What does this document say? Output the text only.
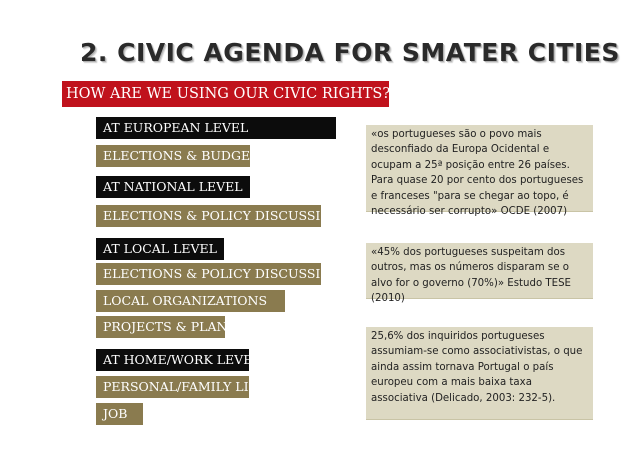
2. CIVIC AGENDA FOR SMATER CITIES
HOW ARE WE USING OUR CIVIC RIGHTS?
AT EUROPEAN LEVEL
ELECTIONS & BUDGET
AT NATIONAL LEVEL
ELECTIONS & POLICY DISCUSSIONS
AT LOCAL LEVEL
ELECTIONS & POLICY DISCUSSIONS
LOCAL ORGANIZATIONS
PROJECTS & PLANS
AT HOME/WORK LEVEL
PERSONAL/FAMILY LIFE
JOB
«os portugueses são o povo mais desconfiado da Europa Ocidental e ocupam a 25ª posição entre 26 países. Para quase 20 por cento dos portugueses e franceses "para se chegar ao topo, é necessário ser corrupto» OCDE (2007)
«45% dos portugueses suspeitam dos outros, mas os números disparam se o alvo for o governo (70%)» Estudo TESE (2010)
25,6% dos inquiridos portugueses assumiam-se como associativistas, o que ainda assim tornava Portugal o país europeu com a mais baixa taxa associativa (Delicado, 2003: 232-5).
